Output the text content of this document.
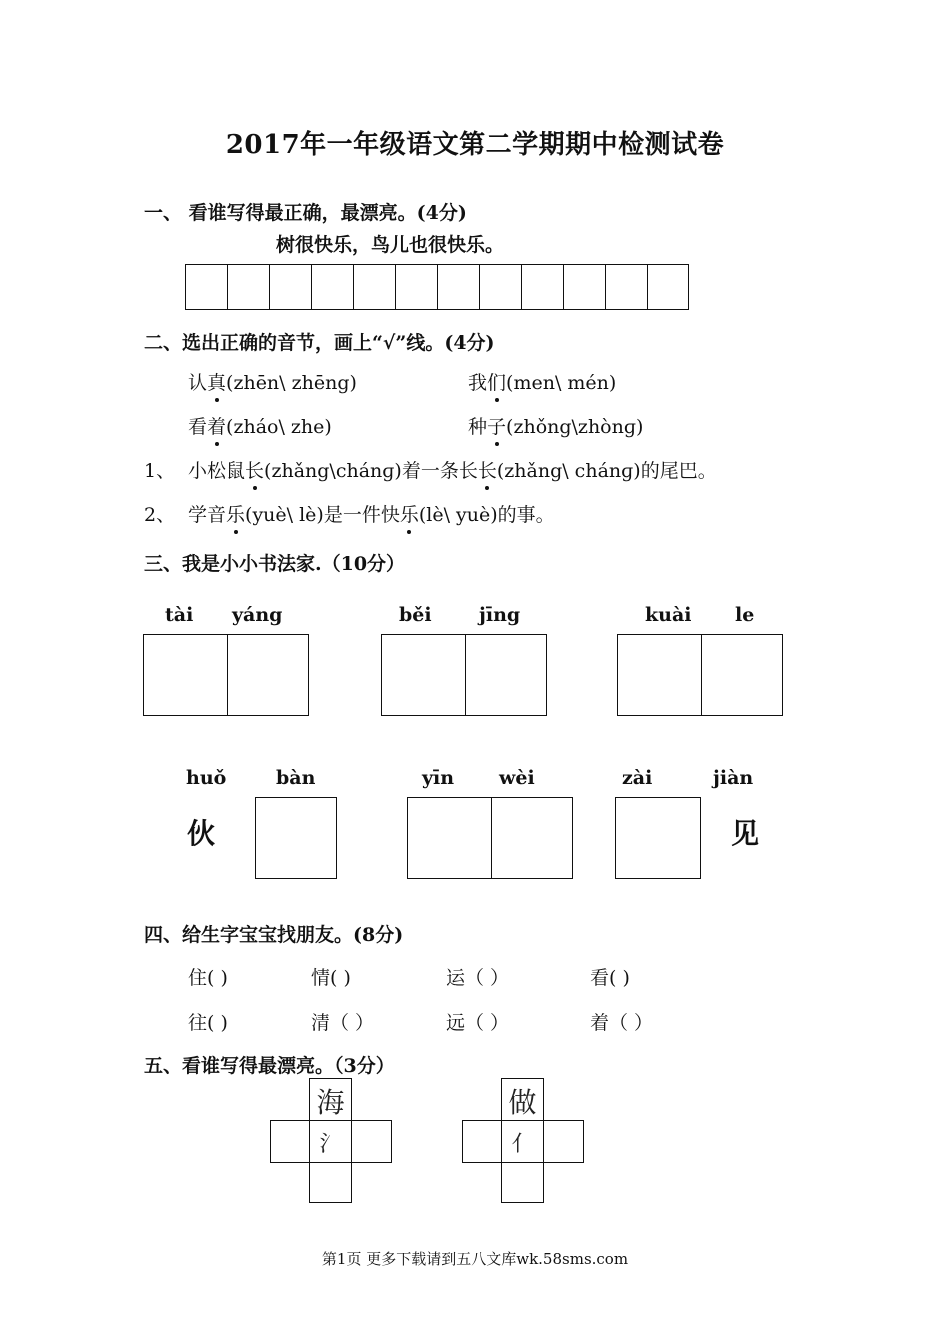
2017年一年级语文第二学期期中检测试卷
一、 看谁写得最正确，最漂亮。(4分)
树很快乐，鸟儿也很快乐。
二、选出正确的音节，画上“√”线。(4分)
认真(zhēn\ zhēng)	我们(men\ mén)
看着(zháo\ zhe)	种子(zhǒng\zhònɡ)
1、 小松鼠长(zhǎng\chánɡ)着一条长长(zhǎng\ chánɡ)的尾巴。
2、 学音乐(yuè\ lè)是一件快乐(lè\ yuè)的事。
三、我是小小书法家.（10分）
tài yáng	běi jīng	kuài le
huǒ	bàn	yīn wèi	zài	jiàn
伙	见
四、给生字宝宝找朋友。(8分)
住( )	情( )	运（ ）	看( )
往( )	清（ ）	远（ ）	着（ ）
五、看谁写得最漂亮。（3分）
海
氵
做
亻
第1页 更多下载请到五八文库wk.58sms.com
